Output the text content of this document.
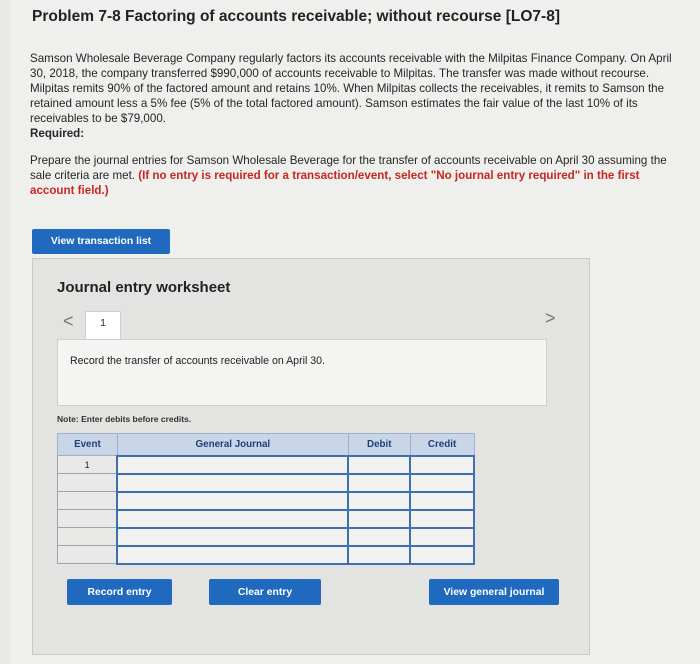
Problem 7-8 Factoring of accounts receivable; without recourse [LO7-8]
Samson Wholesale Beverage Company regularly factors its accounts receivable with the Milpitas Finance Company. On April 30, 2018, the company transferred $990,000 of accounts receivable to Milpitas. The transfer was made without recourse. Milpitas remits 90% of the factored amount and retains 10%. When Milpitas collects the receivables, it remits to Samson the retained amount less a 5% fee (5% of the total factored amount). Samson estimates the fair value of the last 10% of its receivables to be $79,000.
Required:
Prepare the journal entries for Samson Wholesale Beverage for the transfer of accounts receivable on April 30 assuming the sale criteria are met. (If no entry is required for a transaction/event, select "No journal entry required" in the first account field.)
View transaction list
Journal entry worksheet
<	1	>
Record the transfer of accounts receivable on April 30.
Note: Enter debits before credits.
Event	General Journal	Debit	Credit
1			

Record entry	Clear entry	View general journal
